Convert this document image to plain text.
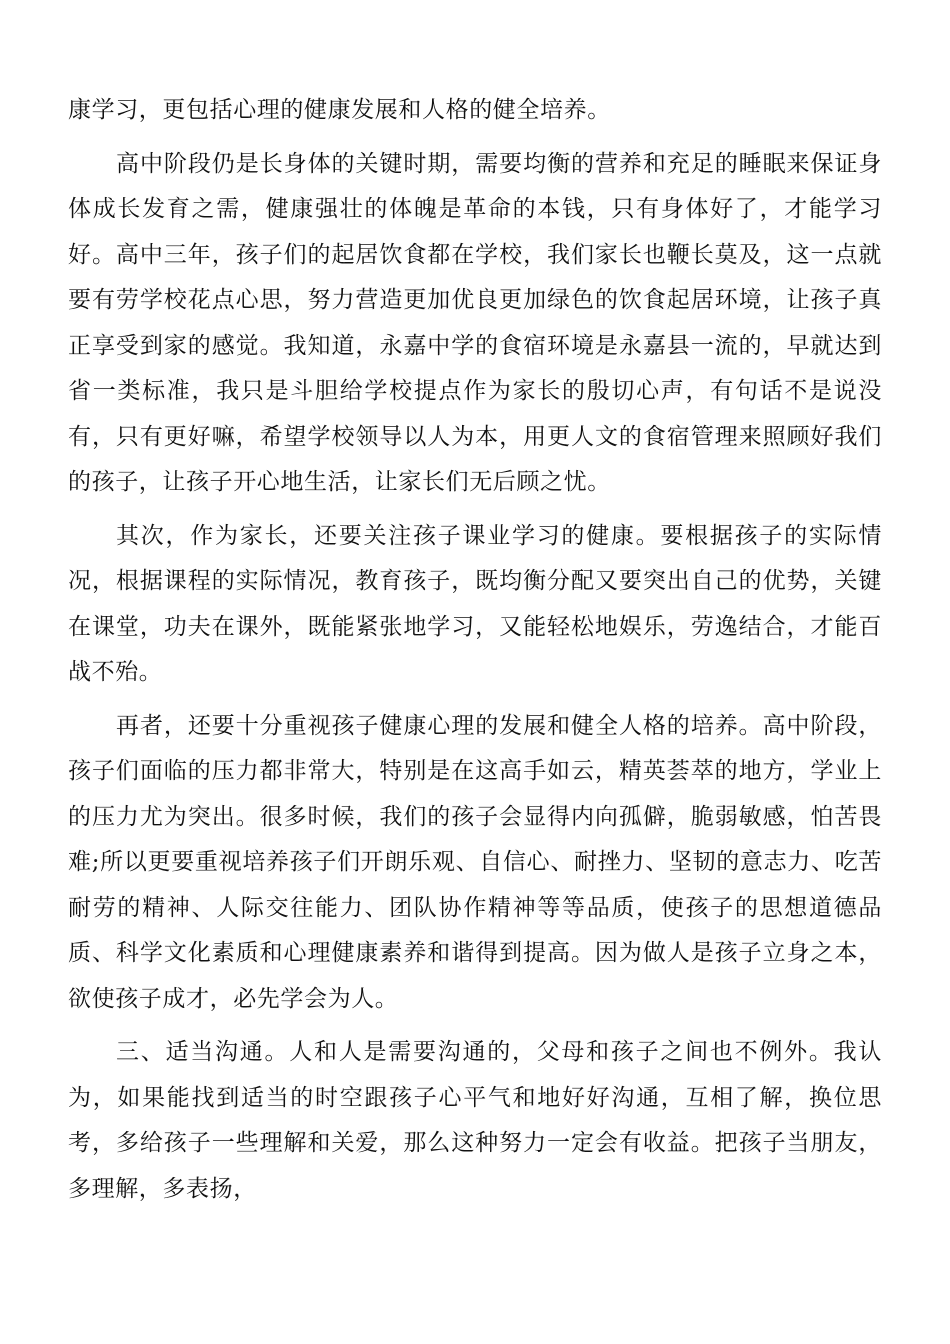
康学习，更包括心理的健康发展和人格的健全培养。

高中阶段仍是长身体的关键时期，需要均衡的营养和充足的睡眠来保证身体成长发育之需，健康强壮的体魄是革命的本钱，只有身体好了，才能学习好。高中三年，孩子们的起居饮食都在学校，我们家长也鞭长莫及，这一点就要有劳学校花点心思，努力营造更加优良更加绿色的饮食起居环境，让孩子真正享受到家的感觉。我知道，永嘉中学的食宿环境是永嘉县一流的，早就达到省一类标准，我只是斗胆给学校提点作为家长的殷切心声，有句话不是说没有，只有更好嘛，希望学校领导以人为本，用更人文的食宿管理来照顾好我们的孩子，让孩子开心地生活，让家长们无后顾之忧。

其次，作为家长，还要关注孩子课业学习的健康。要根据孩子的实际情况，根据课程的实际情况，教育孩子，既均衡分配又要突出自己的优势，关键在课堂，功夫在课外，既能紧张地学习，又能轻松地娱乐，劳逸结合，才能百战不殆。

再者，还要十分重视孩子健康心理的发展和健全人格的培养。高中阶段，孩子们面临的压力都非常大，特别是在这高手如云，精英荟萃的地方，学业上的压力尤为突出。很多时候，我们的孩子会显得内向孤僻，脆弱敏感，怕苦畏难;所以更要重视培养孩子们开朗乐观、自信心、耐挫力、坚韧的意志力、吃苦耐劳的精神、人际交往能力、团队协作精神等等品质，使孩子的思想道德品质、科学文化素质和心理健康素养和谐得到提高。因为做人是孩子立身之本，欲使孩子成才，必先学会为人。

三、适当沟通。人和人是需要沟通的，父母和孩子之间也不例外。我认为，如果能找到适当的时空跟孩子心平气和地好好沟通，互相了解，换位思考，多给孩子一些理解和关爱，那么这种努力一定会有收益。把孩子当朋友，多理解，多表扬，
